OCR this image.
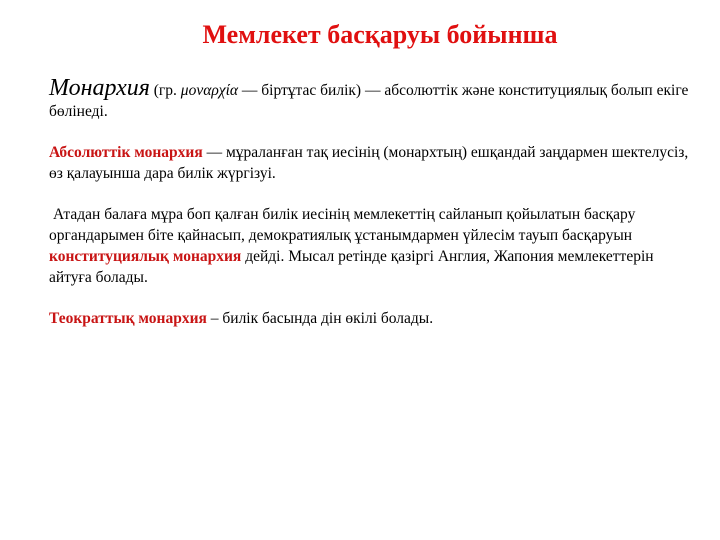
Мемлекет басқаруы бойынша

Монархия (гр. μοναρχία — біртұтас билік) — абсолюттік және конституциялық болып екіге бөлінеді.

Абсолюттік монархия — мұраланған тақ иесінің (монархтың) ешқандай заңдармен шектелусіз, өз қалауынша дара билік жүргізуі.

Атадан балаға мұра боп қалған билік иесінің мемлекеттің сайланып қойылатын басқару органдарымен біте қайнасып, демократиялық ұстанымдармен үйлесім тауып басқаруын конституциялық монархия дейді. Мысал ретінде қазіргі Англия, Жапония мемлекеттерін айтуға болады.

Теократтық монархия – билік басында дін өкілі болады.
